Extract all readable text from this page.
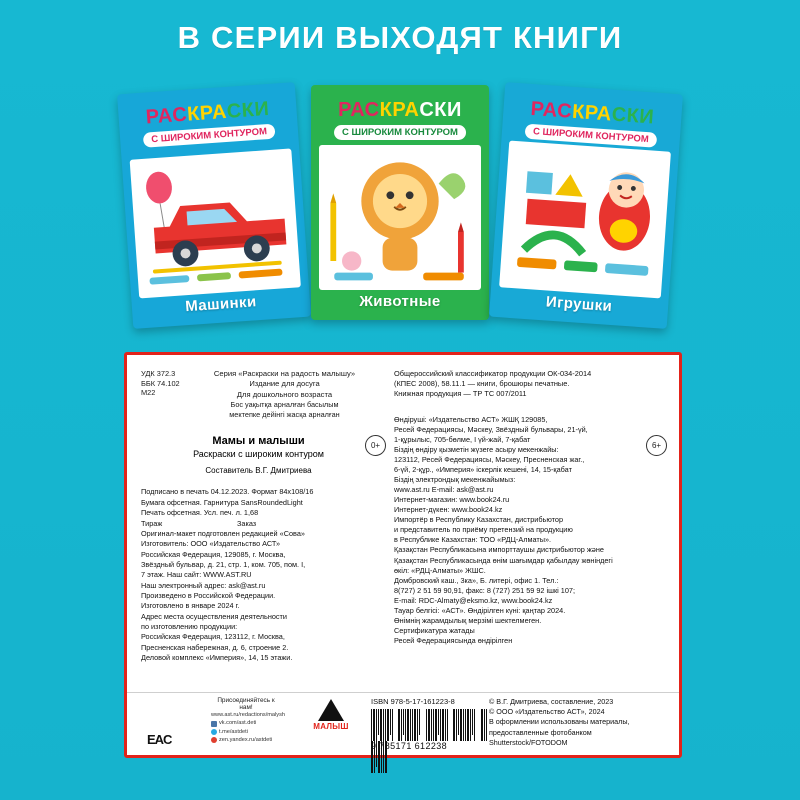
В СЕРИИ ВЫХОДЯТ КНИГИ
РАСКРАСКИ
С ШИРОКИМ КОНТУРОМ
Машинки
РАСКРАСКИ
С ШИРОКИМ КОНТУРОМ
Животные
РАСКРАСКИ
С ШИРОКИМ КОНТУРОМ
Игрушки
УДК 372.3
ББК 74.102
М22
Серия «Раскраски на радость малышу»
Издание для досуга
Для дошкольного возраста
Бос уақытқа арналған басылым
мектепке дейінгі жасқа арналған
Мамы и малыши
Раскраски с широким контуром
Составитель В.Г. Дмитриева
Подписано в печать 04.12.2023. Формат 84х108/16
Бумага офсетная. Гарнитура SansRoundedLight
Печать офсетная. Усл. печ. л. 1,68
Тираж	Заказ
Оригинал-макет подготовлен редакцией «Сова»
Изготовитель: ООО «Издательство АСТ»
Российская Федерация, 129085, г. Москва,
Звёздный бульвар, д. 21, стр. 1, ком. 705, пом. I,
7 этаж. Наш сайт: WWW.AST.RU
Наш электронный адрес: ask@ast.ru
Произведено в Российской Федерации.
Изготовлено в январе 2024 г.
Адрес места осуществления деятельности
по изготовлению продукции:
Российская Федерация, 123112, г. Москва,
Пресненская набережная, д. 6, строение 2.
Деловой комплекс «Империя», 14, 15 этажи.
Общероссийский классификатор продукции ОК-034-2014
(КПЕС 2008), 58.11.1 — книги, брошюры печатные.
Книжная продукция — ТР ТС 007/2011
Өндіруші: «Издательство АСТ» ЖШҚ 129085,
Ресей Федерациясы, Мәскеу, Звёздный бульвары, 21-үй,
1-құрылыс, 705-бөлме, I үй-жай, 7-қабат
Біздің өндіру қызметін жүзеге асыру мекенжайы:
123112, Ресей Федерациясы, Мәскеу, Пресненская жаг.,
6-үй, 2-құр., «Империя» іскерлік кешені, 14, 15-қабат
Біздің электрондық мекенжайымыз:
www.ast.ru E-mail: ask@ast.ru
Интернет-магазин: www.book24.ru
Интернет-дүкен: www.book24.kz
Импортёр в Республику Казахстан, дистрибьютор
и представитель по приёму претензий на продукцию
в Республике Казахстан: ТОО «РДЦ-Алматы».
Қазақстан Республикасына импорттаушы дистрибьютор және
Қазақстан Республикасында өнім шағымдар қабылдау жөніндегі
өкіл: «РДЦ-Алматы» ЖШС.
Домбровский каш., 3ка», Б. литері, офис 1. Тел.:
8(727) 2 51 59 90,91, факс: 8 (727) 251 59 92 ішкі 107;
E-mail: RDC-Almaty@eksmo.kz, www.book24.kz
Тауар белгісі: «АСТ». Өндірілген күні: қаңтар 2024.
Өнімнің жарамдылық мерзімі шектелмеген.
Сертификатура жатады
Ресей Федерациясында өндірілген
0+	6+
Присоединяйтесь к нам!
www.ast.ru/redactions/malysh
vk.com/ast.deti
t.me/astdeti
zen.yandex.ru/astdeti
EAC
МАЛЫШ
ISBN 978-5-17-161223-8

9 785171 612238
© В.Г. Дмитриева, составление, 2023
© ООО «Издательство АСТ», 2024
В оформлении использованы материалы,
предоставленные фотобанком
Shutterstock/FOTODOM
